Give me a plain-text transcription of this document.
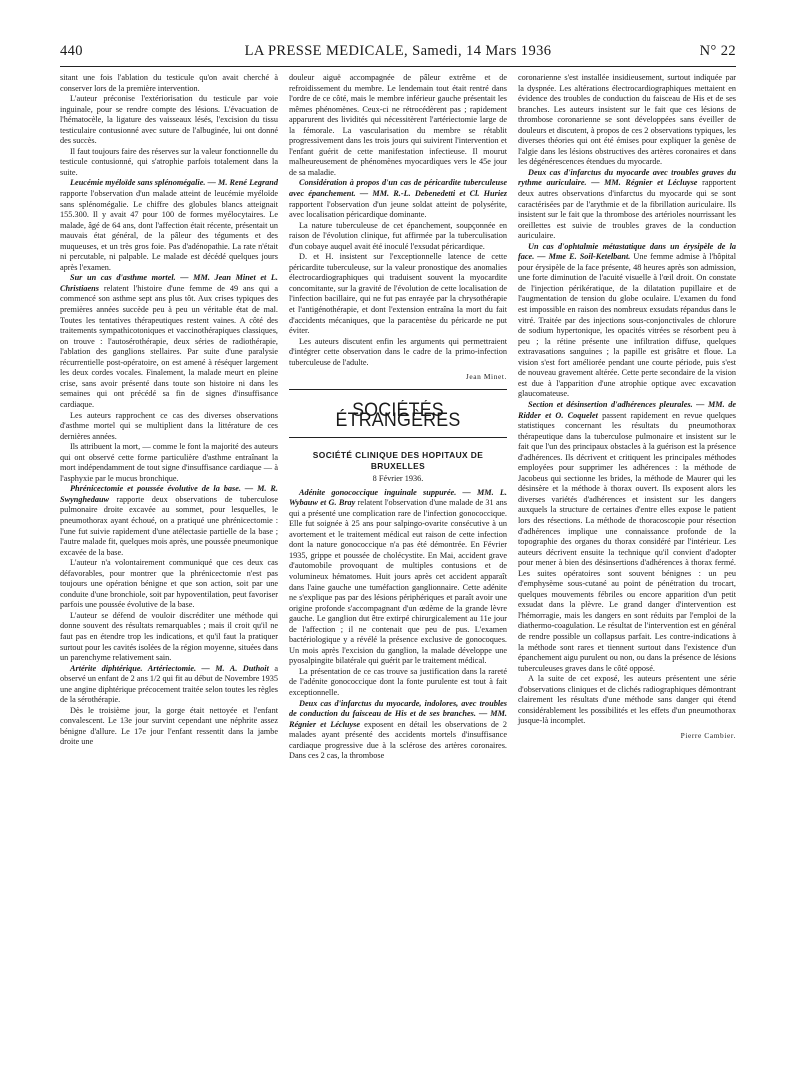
440	LA PRESSE MEDICALE, Samedi, 14 Mars 1936	N° 22

sitant une fois l'ablation du testicule qu'on avait cherché à conserver lors de la première intervention.

L'auteur préconise l'extériorisation du testicule par voie inguinale, pour se rendre compte des lésions. L'évacuation de l'hématocèle, la ligature des vaisseaux lésés, l'excision du tissu testiculaire contusionné avec suture de l'albuginée, lui ont donné des succès.

Il faut toujours faire des réserves sur la valeur fonctionnelle du testicule contusionné, qui s'atrophie parfois totalement dans la suite.

Leucémie myéloïde sans splénomégalie. — M. René Legrand rapporte l'observation d'un malade atteint de leucémie myéloïde sans splénomégalie. Le chiffre des globules blancs atteignait 155.300. Il y avait 47 pour 100 de formes myélocytaires. Le malade, âgé de 64 ans, dont l'affection était récente, présentait un mauvais état général, de la pâleur des téguments et des muqueuses, et un très gros foie. Pas d'adénopathie. La rate n'était ni percutable, ni palpable. Le malade est décédé quelques jours après l'examen.

Sur un cas d'asthme mortel. — MM. Jean Minet et L. Christiaens relatent l'histoire d'une femme de 49 ans qui a commencé son asthme sept ans plus tôt. Aux crises typiques des premières années succède peu à peu un véritable état de mal. Toutes les tentatives thérapeutiques restent vaines. A côté des traitements sympathicotoniques et vaccinothérapiques classiques, on trouve : l'autosérothérapie, deux séries de radiothérapie, l'ablation des ganglions stellaires. Par suite d'une paralysie récurrentielle post-opératoire, on est amené à réséquer largement les deux cordes vocales. Finalement, la malade meurt en pleine crise, sans avoir présenté dans toute son histoire ni dans les semaines qui ont précédé sa fin de signes d'insuffisance cardiaque.

Les auteurs rapprochent ce cas des diverses observations d'asthme mortel qui se multiplient dans la littérature de ces dernières années.

Ils attribuent la mort, — comme le font la majorité des auteurs qui ont observé cette forme particulière d'asthme entraînant la mort indépendamment de tout signe d'insuffisance cardiaque — à l'asphyxie par le mucus bronchique.

Phrénicectomie et poussée évolutive de la base. — M. R. Swynghedauw rapporte deux observations de tuberculose pulmonaire droite excavée au sommet, pour lesquelles, le pneumothorax ayant échoué, on a pratiqué une phrénicectomie : l'une fut suivie rapidement d'une atélectasie partielle de la base ; l'autre malade fit, quelques mois après, une poussée pneumonique excavée de la base.

L'auteur n'a volontairement communiqué que ces deux cas défavorables, pour montrer que la phrénicectomie n'est pas toujours une opération bénigne et que son action, soit par une conduite d'une bronchiole, soit par hypoventilation, peut favoriser parfois une poussée évolutive de la base.

L'auteur se défend de vouloir discréditer une méthode qui donne souvent des résultats remarquables ; mais il croit qu'il ne faut pas en étendre trop les indications, et qu'il faut la pratiquer surtout pour les cavités isolées de la région moyenne, situées dans un parenchyme relativement sain.

Artérite diphtérique. Artériectomie. — M. A. Duthoit a observé un enfant de 2 ans 1/2 qui fit au début de Novembre 1935 une angine diphtérique précocement traitée selon toutes les règles de la sérothérapie.

Dès le troisième jour, la gorge était nettoyée et l'enfant convalescent. Le 13e jour survint cependant une néphrite assez bénigne d'allure. Le 17e jour l'enfant ressentit dans la jambe droite une

douleur aiguë accompagnée de pâleur extrême et de refroidissement du membre. Le lendemain tout était rentré dans l'ordre de ce côté, mais le membre inférieur gauche présentait les mêmes phénomènes. Ceux-ci ne rétrocédèrent pas ; rapidement apparurent des lividités qui nécessitèrent l'artériectomie large de la fémorale. La vascularisation du membre se rétablit progressivement dans les trois jours qui suivirent l'intervention et l'enfant guérit de cette manifestation infectieuse. Il mourut malheureusement de phénomènes myocardiques vers le 45e jour de sa maladie.

Considération à propos d'un cas de péricardite tuberculeuse avec épanchement. — MM. R.-L. Debenedetti et Cl. Huriez rapportent l'observation d'un jeune soldat atteint de polysérite, avec localisation péricardique dominante.

La nature tuberculeuse de cet épanchement, soupçonnée en raison de l'évolution clinique, fut affirmée par la tuberculisation d'un cobaye auquel avait été inoculé l'exsudat péricardique.

D. et H. insistent sur l'exceptionnelle latence de cette péricardite tuberculeuse, sur la valeur pronostique des anomalies électrocardiographiques qui traduisent souvent la myocardite concomitante, sur la gravité de l'évolution de cette localisation de l'infection bacillaire, qui ne fut pas enrayée par la chrysothérapie et l'antigénothérapie, et dont l'extension entraîna la mort du fait d'accidents mécaniques, que la paracentèse du péricarde ne put éviter.

Les auteurs discutent enfin les arguments qui permettraient d'intégrer cette observation dans le cadre de la primo-infection tuberculeuse de l'adulte.

Jean Minet.

SOCIÉTÉS ÉTRANGÈRES
SOCIÉTÉ CLINIQUE DES HOPITAUX DE BRUXELLES

8 Février 1936.

Adénite gonococcique inguinale suppurée. — MM. L. Wybauw et G. Bray relatent l'observation d'une malade de 31 ans qui a présenté une complication rare de l'infection gonococcique. Elle fut soignée à 25 ans pour salpingo-ovarite consécutive à un avortement et le traitement médical eut raison de cette infection dont la nature gonococcique n'a pas été démontrée. En Février 1935, grippe et poussée de cholécystite. En Mai, accident grave d'automobile provoquant de multiples contusions et de volumineux hématomes. Huit jours après cet accident apparaît dans l'aine gauche une tuméfaction ganglionnaire. Cette adénite ne s'explique pas par des lésions périphériques et paraît avoir une origine profonde s'accompagnant d'un œdème de la grande lèvre gauche. Le ganglion dut être extirpé chirurgicalement au 11e jour de l'affection ; il ne contenait que peu de pus. L'examen bactériologique y a révélé la présence exclusive de gonocoques. Un mois après l'excision du ganglion, la malade développe une pyosalpingite bilatérale qui guérit par le traitement médical.

La présentation de ce cas trouve sa justification dans la rareté de l'adénite gonococcique dont la fonte purulente est tout à fait exceptionnelle.

Deux cas d'infarctus du myocarde, indolores, avec troubles de conduction du faisceau de His et de ses branches. — MM. Régnier et Lécluyse exposent en détail les observations de 2 malades ayant présenté des accidents mortels d'insuffisance cardiaque progressive due à la sclérose des artères coronaires. Dans ces 2 cas, la thrombose

coronarienne s'est installée insidieusement, surtout indiquée par la dyspnée. Les altérations électrocardiographiques mettaient en évidence des troubles de conduction du faisceau de His et de ses branches. Les auteurs insistent sur le fait que ces lésions de thrombose coronarienne se sont développées sans éveiller de douleurs et discutent, à propos de ces 2 observations typiques, les diverses théories qui ont été émises pour expliquer la genèse de l'algie dans les lésions obstructives des artères coronaires et dans les dégénérescences étendues du myocarde.

Deux cas d'infarctus du myocarde avec troubles graves du rythme auriculaire. — MM. Régnier et Lécluyse rapportent deux autres observations d'infarctus du myocarde qui se sont caractérisées par de l'arythmie et de la fibrillation auriculaire. Ils insistent sur le fait que la thrombose des artérioles nourrissant les oreillettes est suivie de troubles graves de la conduction auriculaire.

Un cas d'ophtalmie métastatique dans un érysipèle de la face. — Mme E. Soil-Ketelbant. Une femme admise à l'hôpital pour érysipèle de la face présente, 48 heures après son admission, une forte diminution de l'acuité visuelle à l'œil droit. On constate de l'injection périkératique, de la dilatation pupillaire et de l'augmentation de tension du globe oculaire. L'examen du fond est impossible en raison des nombreux exsudats répandus dans le vitré. Traitée par des injections sous-conjonctivales de chlorure de sodium hypertonique, les opacités vitrées se résorbent peu à peu ; la rétine présente une infiltration diffuse, quelques extravasations sanguines ; la papille est grisâtre et floue. La vision s'est fort améliorée pendant une courte période, puis s'est de nouveau gravement altérée. Cette perte secondaire de la vision est due à l'apparition d'une atrophie optique avec excavation glaucomateuse.

Section et désinsertion d'adhérences pleurales. — MM. de Ridder et O. Coquelet passent rapidement en revue quelques statistiques concernant les résultats du pneumothorax thérapeutique dans la tuberculose pulmonaire et insistent sur le fait que l'un des principaux obstacles à la guérison est la présence d'adhérences. Ils décrivent et critiquent les principales méthodes employées pour supprimer les adhérences : la méthode de Jacobeus qui sectionne les brides, la méthode de Maurer qui les désinsère et la méthode à thorax ouvert. Ils exposent alors les diverses variétés d'adhérences et insistent sur les dangers auxquels la structure de certaines d'entre elles expose le patient lors des résections. La méthode de thoracoscopie pour résection d'adhérences implique une connaissance profonde de la topographie des organes du thorax considéré par l'intérieur. Les auteurs décrivent ensuite la technique qu'il convient d'adopter pour mener à bien des désinsertions d'adhérences à thorax fermé. Les suites opératoires sont souvent bénignes : un peu d'emphysème sous-cutané au point de pénétration du trocart, quelques mouvements fébriles ou encore apparition d'un petit exsudat dans la plèvre. Le grand danger d'intervention est l'hémorragie, mais les dangers en sont réduits par l'emploi de la diathermo-coagulation. Le résultat de l'intervention est en général de rendre possible un collapsus parfait. Les contre-indications à la méthode sont rares et tiennent surtout dans l'existence d'un épanchement aigu purulent ou non, ou dans la présence de lésions tuberculeuses graves dans le côté opposé.

A la suite de cet exposé, les auteurs présentent une série d'observations cliniques et de clichés radiographiques démontrant clairement les résultats d'une méthode sans danger qui étend considérablement les possibilités et les effets d'un pneumothorax jusque-là incomplet.

Pierre Cambier.
